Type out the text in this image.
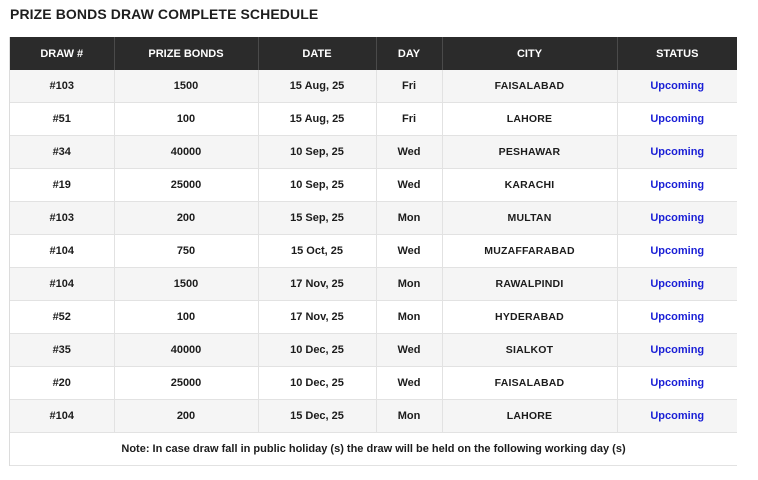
PRIZE BONDS DRAW COMPLETE SCHEDULE
DRAW #	PRIZE BONDS	DATE	DAY	CITY	STATUS
#103	1500	15 Aug, 25	Fri	FAISALABAD	Upcoming
#51	100	15 Aug, 25	Fri	LAHORE	Upcoming
#34	40000	10 Sep, 25	Wed	PESHAWAR	Upcoming
#19	25000	10 Sep, 25	Wed	KARACHI	Upcoming
#103	200	15 Sep, 25	Mon	MULTAN	Upcoming
#104	750	15 Oct, 25	Wed	MUZAFFARABAD	Upcoming
#104	1500	17 Nov, 25	Mon	RAWALPINDI	Upcoming
#52	100	17 Nov, 25	Mon	HYDERABAD	Upcoming
#35	40000	10 Dec, 25	Wed	SIALKOT	Upcoming
#20	25000	10 Dec, 25	Wed	FAISALABAD	Upcoming
#104	200	15 Dec, 25	Mon	LAHORE	Upcoming
Note: In case draw fall in public holiday (s) the draw will be held on the following working day (s)					
